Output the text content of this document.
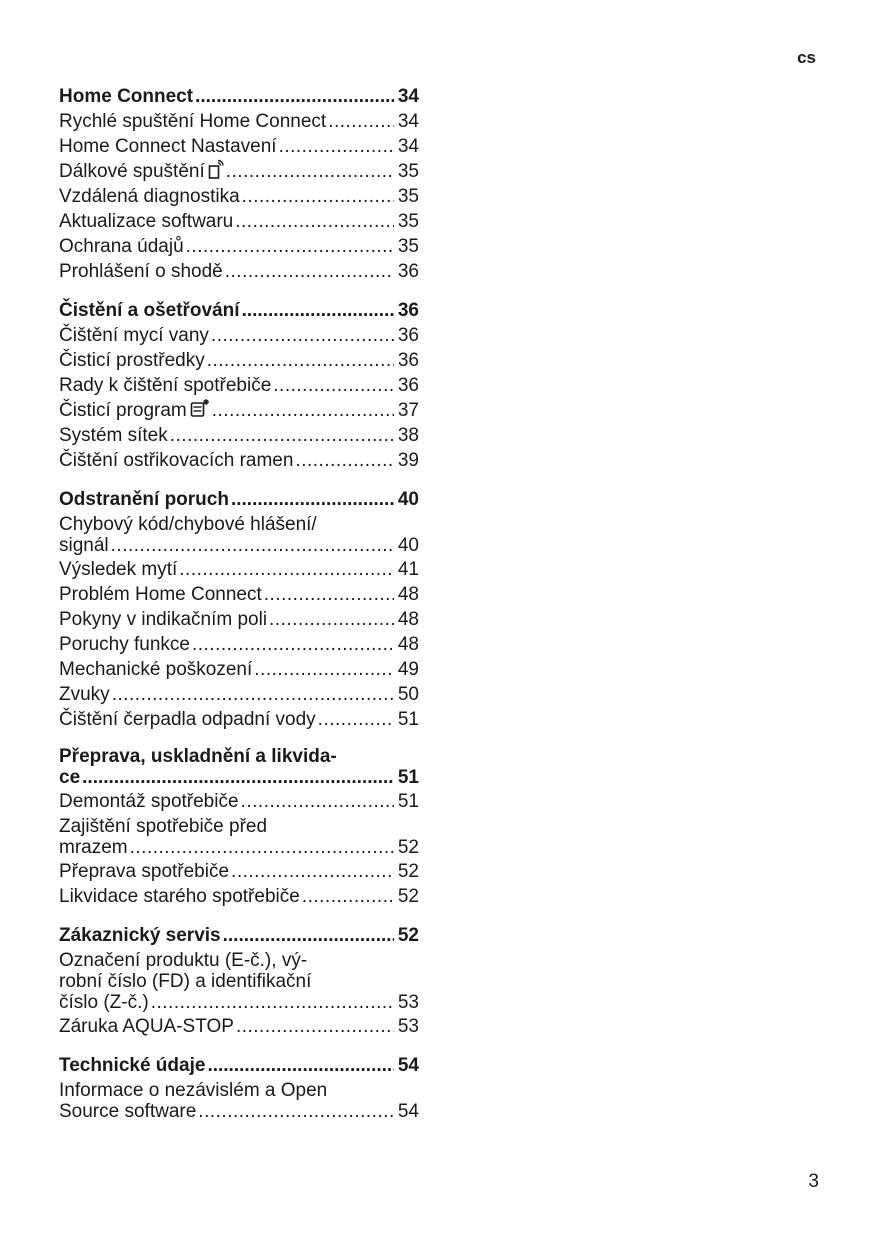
cs
Home Connect .....	34
Rychlé spuštění Home Connect .....	34
Home Connect Nastavení .....	34
Dálkové spuštění .....	35
Vzdálená diagnostika .....	35
Aktualizace softwaru .....	35
Ochrana údajů .....	35
Prohlášení o shodě .....	36
Čistění a ošetřování .....	36
Čištění mycí vany .....	36
Čisticí prostředky .....	36
Rady k čištění spotřebiče .....	36
Čisticí program .....	37
Systém sítek .....	38
Čištění ostřikovacích ramen .....	39
Odstranění poruch .....	40
Chybový kód/chybové hlášení/
signál .....	40
Výsledek mytí .....	41
Problém Home Connect .....	48
Pokyny v indikačním poli .....	48
Poruchy funkce .....	48
Mechanické poškození .....	49
Zvuky .....	50
Čištění čerpadla odpadní vody .....	51
Přeprava, uskladnění a likvida-
ce .....	51
Demontáž spotřebiče .....	51
Zajištění spotřebiče před
mrazem .....	52
Přeprava spotřebiče .....	52
Likvidace starého spotřebiče .....	52
Zákaznický servis .....	52
Označení produktu (E-č.), vý-
robní číslo (FD) a identifikační
číslo (Z-č.) .....	53
Záruka AQUA-STOP .....	53
Technické údaje .....	54
Informace o nezávislém a Open
Source software .....	54
3
